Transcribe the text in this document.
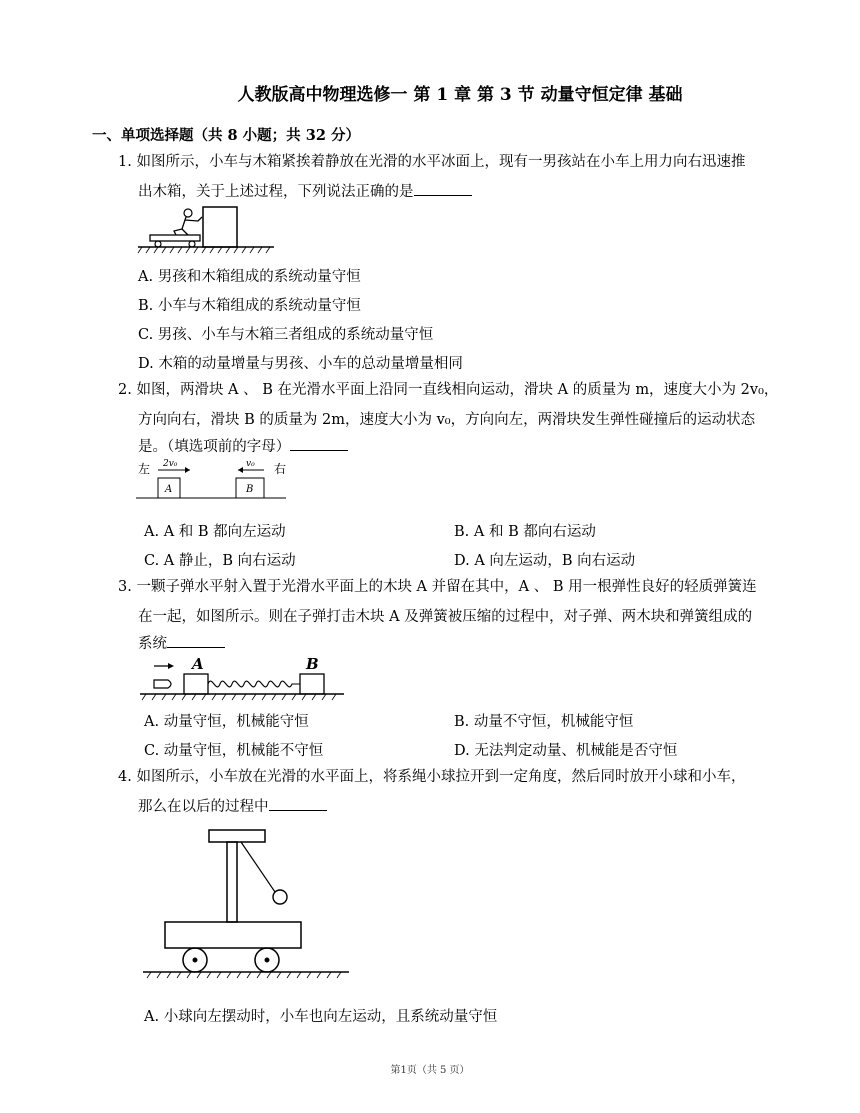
人教版高中物理选修一 第 1 章 第 3 节 动量守恒定律 基础
一、单项选择题（共 8 小题；共 32 分）
1. 如图所示，小车与木箱紧挨着静放在光滑的水平冰面上，现有一男孩站在小车上用力向右迅速推
出木箱，关于上述过程，下列说法正确的是
A. 男孩和木箱组成的系统动量守恒
B. 小车与木箱组成的系统动量守恒
C. 男孩、小车与木箱三者组成的系统动量守恒
D. 木箱的动量增量与男孩、小车的总动量增量相同
2. 如图，两滑块 A 、 B 在光滑水平面上沿同一直线相向运动，滑块 A 的质量为 m，速度大小为 2v₀，
方向向右，滑块 B 的质量为 2m，速度大小为 v₀，方向向左，两滑块发生弹性碰撞后的运动状态
是。（填选项前的字母）
左	右
2v₀	v₀
A	B
A. A 和 B 都向左运动	B. A 和 B 都向右运动
C. A 静止，B 向右运动	D. A 向左运动，B 向右运动
3. 一颗子弹水平射入置于光滑水平面上的木块 A 并留在其中，A 、 B 用一根弹性良好的轻质弹簧连
在一起，如图所示。则在子弹打击木块 A 及弹簧被压缩的过程中，对子弹、两木块和弹簧组成的
系统
A	B
A. 动量守恒，机械能守恒	B. 动量不守恒，机械能守恒
C. 动量守恒，机械能不守恒	D. 无法判定动量、机械能是否守恒
4. 如图所示，小车放在光滑的水平面上，将系绳小球拉开到一定角度，然后同时放开小球和小车，
那么在以后的过程中
A. 小球向左摆动时，小车也向左运动，且系统动量守恒
第1页（共 5 页）
